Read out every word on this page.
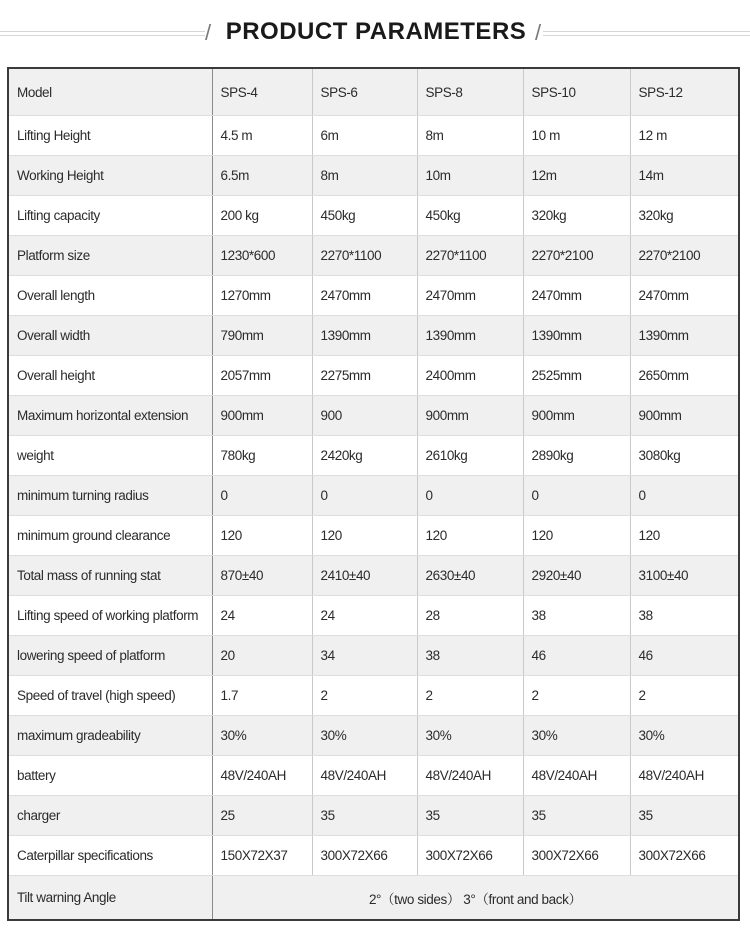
/ PRODUCT PARAMETERS /
Model	SPS-4	SPS-6	SPS-8	SPS-10	SPS-12
Lifting Height	4.5 m	6m	8m	10 m	12 m
Working Height	6.5m	8m	10m	12m	14m
Lifting capacity	200 kg	450kg	450kg	320kg	320kg
Platform size	1230*600	2270*1100	2270*1100	2270*2100	2270*2100
Overall length	1270mm	2470mm	2470mm	2470mm	2470mm
Overall width	790mm	1390mm	1390mm	1390mm	1390mm
Overall height	2057mm	2275mm	2400mm	2525mm	2650mm
Maximum horizontal extension	900mm	900	900mm	900mm	900mm
weight	780kg	2420kg	2610kg	2890kg	3080kg
minimum turning radius	0	0	0	0	0
minimum ground clearance	120	120	120	120	120
Total mass of running stat	870±40	2410±40	2630±40	2920±40	3100±40
Lifting speed of working platform	24	24	28	38	38
lowering speed of platform	20	34	38	46	46
Speed of travel (high speed)	1.7	2	2	2	2
maximum gradeability	30%	30%	30%	30%	30%
battery	48V/240AH	48V/240AH	48V/240AH	48V/240AH	48V/240AH
charger	25	35	35	35	35
Caterpillar specifications	150X72X37	300X72X66	300X72X66	300X72X66	300X72X66
Tilt warning Angle	2°（two sides） 3°（front and back）				
